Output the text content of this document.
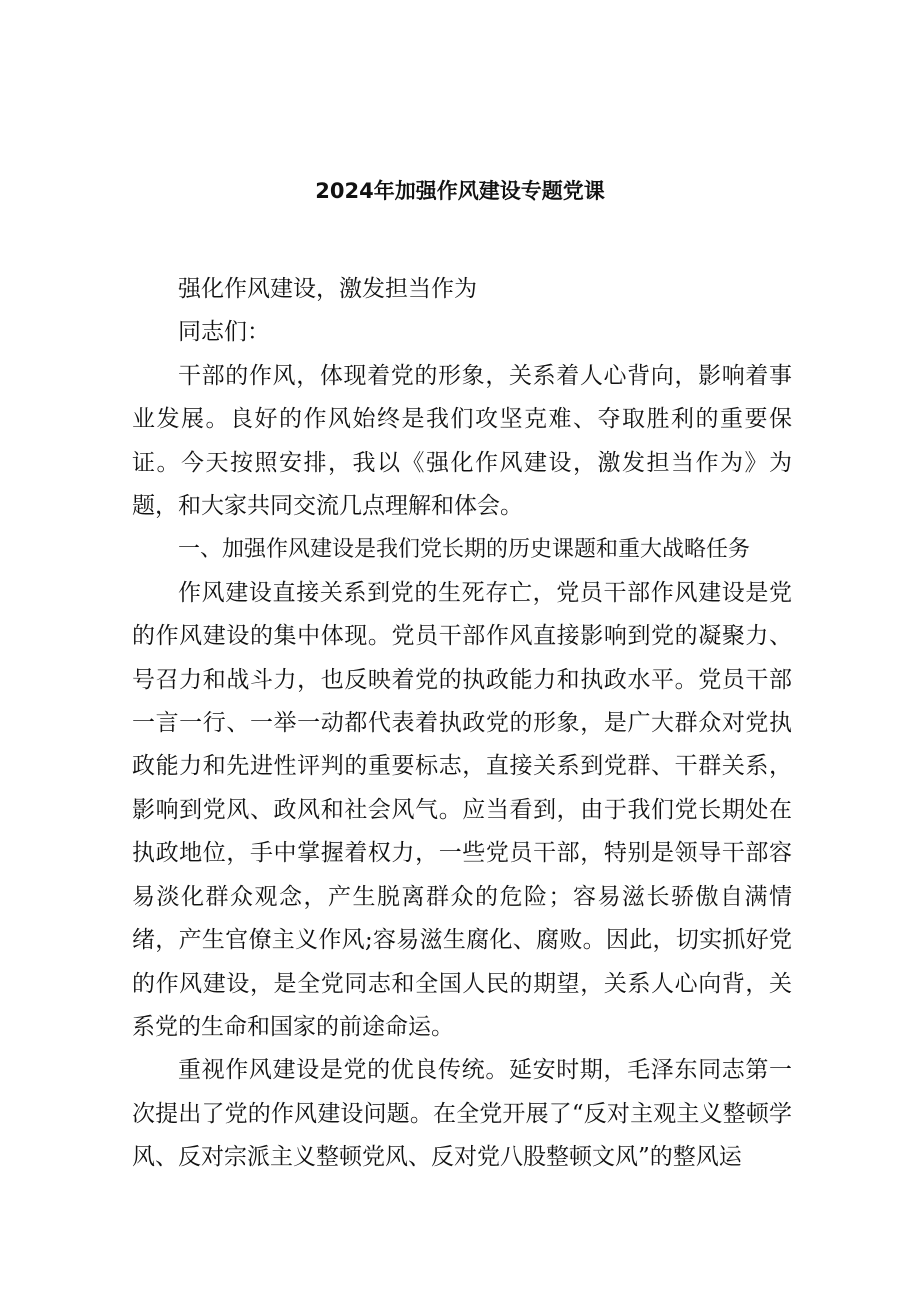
2024年加强作风建设专题党课

强化作风建设，激发担当作为

同志们：

干部的作风，体现着党的形象，关系着人心背向，影响着事业发展。良好的作风始终是我们攻坚克难、夺取胜利的重要保证。今天按照安排，我以《强化作风建设，激发担当作为》为题，和大家共同交流几点理解和体会。

一、加强作风建设是我们党长期的历史课题和重大战略任务

作风建设直接关系到党的生死存亡，党员干部作风建设是党的作风建设的集中体现。党员干部作风直接影响到党的凝聚力、号召力和战斗力，也反映着党的执政能力和执政水平。党员干部一言一行、一举一动都代表着执政党的形象，是广大群众对党执政能力和先进性评判的重要标志，直接关系到党群、干群关系，影响到党风、政风和社会风气。应当看到，由于我们党长期处在执政地位，手中掌握着权力，一些党员干部，特别是领导干部容易淡化群众观念，产生脱离群众的危险；容易滋长骄傲自满情绪，产生官僚主义作风;容易滋生腐化、腐败。因此，切实抓好党的作风建设，是全党同志和全国人民的期望，关系人心向背，关系党的生命和国家的前途命运。

重视作风建设是党的优良传统。延安时期，毛泽东同志第一次提出了党的作风建设问题。在全党开展了“反对主观主义整顿学风、反对宗派主义整顿党风、反对党八股整顿文风”的整风运
